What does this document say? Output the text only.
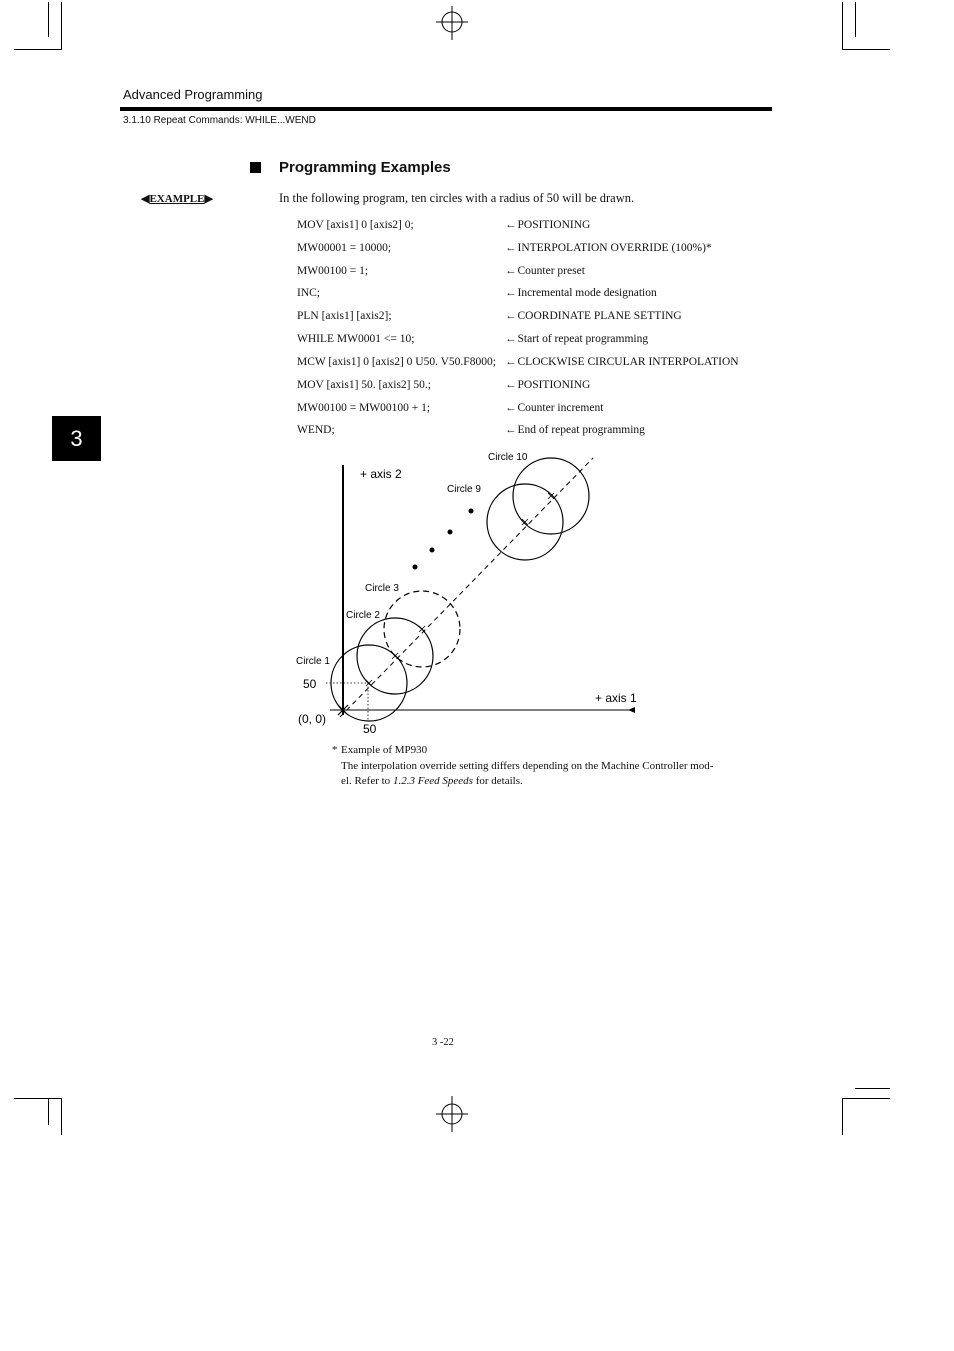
Advanced Programming
3.1.10 Repeat Commands: WHILE...WEND
Programming Examples
◀EXAMPLE▶	In the following program, ten circles with a radius of 50 will be drawn.
MOV [axis1] 0 [axis2] 0;	←POSITIONING
MW00001 = 10000;	←INTERPOLATION OVERRIDE (100%)*
MW00100 = 1;	←Counter preset
INC;	←Incremental mode designation
PLN [axis1] [axis2];	←COORDINATE PLANE SETTING
WHILE MW0001 <= 10;	←Start of repeat programming
MCW [axis1] 0 [axis2] 0 U50. V50.F8000; ←CLOCKWISE CIRCULAR INTERPOLATION
MOV [axis1] 50. [axis2] 50.;	←POSITIONING
MW00100 = MW00100 + 1;	←Counter increment
WEND;	←End of repeat programming
3
+ axis 2
+ axis 1
(0, 0)
50
50
Circle 1
Circle 2
Circle 3
Circle 9
Circle 10
* Example of MP930
The interpolation override setting differs depending on the Machine Controller mod-
el. Refer to 1.2.3 Feed Speeds for details.
3 -22
